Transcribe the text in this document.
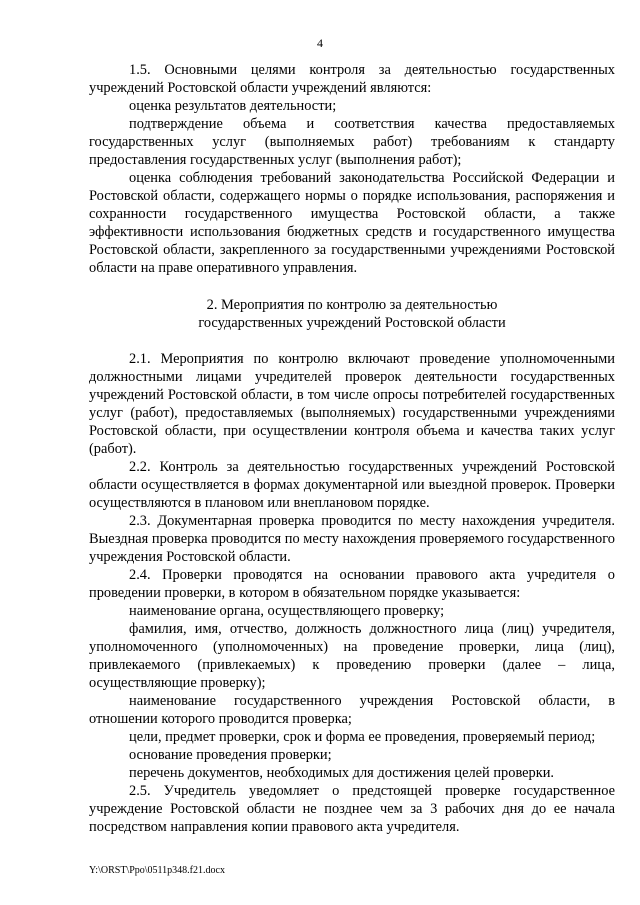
4

1.5. Основными целями контроля за деятельностью государственных учреждений Ростовской области учреждений являются:

оценка результатов деятельности;

подтверждение объема и соответствия качества предоставляемых государственных услуг (выполняемых работ) требованиям к стандарту предоставления государственных услуг (выполнения работ);

оценка соблюдения требований законодательства Российской Федерации и Ростовской области, содержащего нормы о порядке использования, распоряжения и сохранности государственного имущества Ростовской области, а также эффективности использования бюджетных средств и государственного имущества Ростовской области, закрепленного за государственными учреждениями Ростовской области на праве оперативного управления.

2. Мероприятия по контролю за деятельностью
государственных учреждений Ростовской области

2.1. Мероприятия по контролю включают проведение уполномоченными должностными лицами учредителей проверок деятельности государственных учреждений Ростовской области, в том числе опросы потребителей государственных услуг (работ), предоставляемых (выполняемых) государственными учреждениями Ростовской области, при осуществлении контроля объема и качества таких услуг (работ).

2.2. Контроль за деятельностью государственных учреждений Ростовской области осуществляется в формах документарной или выездной проверок. Проверки осуществляются в плановом или внеплановом порядке.

2.3. Документарная проверка проводится по месту нахождения учредителя. Выездная проверка проводится по месту нахождения проверяемого государственного учреждения Ростовской области.

2.4. Проверки проводятся на основании правового акта учредителя о проведении проверки, в котором в обязательном порядке указывается:

наименование органа, осуществляющего проверку;

фамилия, имя, отчество, должность должностного лица (лиц) учредителя, уполномоченного (уполномоченных) на проведение проверки, лица (лиц), привлекаемого (привлекаемых) к проведению проверки (далее – лица, осуществляющие проверку);

наименование государственного учреждения Ростовской области, в отношении которого проводится проверка;

цели, предмет проверки, срок и форма ее проведения, проверяемый период;

основание проведения проверки;

перечень документов, необходимых для достижения целей проверки.

2.5. Учредитель уведомляет о предстоящей проверке государственное учреждение Ростовской области не позднее чем за 3 рабочих дня до ее начала посредством направления копии правового акта учредителя.

Y:\ORST\Ppo\0511p348.f21.docx
